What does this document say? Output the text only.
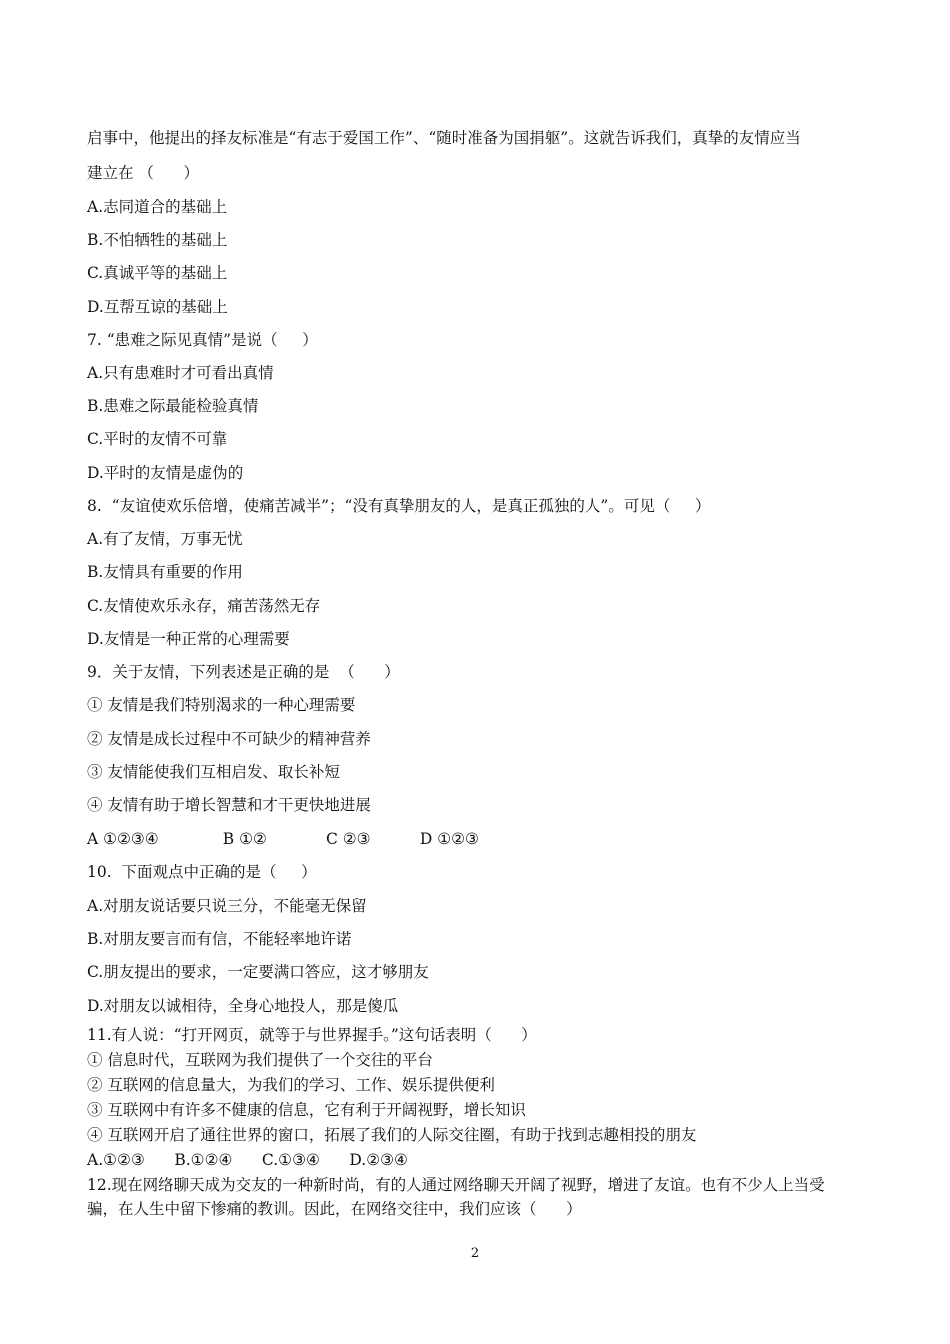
启事中，他提出的择友标准是“有志于爱国工作”、“随时准备为国捐躯”。这就告诉我们，真挚的友情应当
建立在 （      ）
A.志同道合的基础上
B.不怕牺牲的基础上
C.真诚平等的基础上
D.互帮互谅的基础上
7. “患难之际见真情”是说（     ）
A.只有患难时才可看出真情
B.患难之际最能检验真情
C.平时的友情不可靠
D.平时的友情是虚伪的
8.  “友谊使欢乐倍增，使痛苦减半”；“没有真挚朋友的人，是真正孤独的人”。可见（     ）
A.有了友情，万事无忧
B.友情具有重要的作用
C.友情使欢乐永存，痛苦荡然无存
D.友情是一种正常的心理需要
9．关于友情，下列表述是正确的是  （      ）
① 友情是我们特别渴求的一种心理需要
② 友情是成长过程中不可缺少的精神营养
③ 友情能使我们互相启发、取长补短
④ 友情有助于增长智慧和才干更快地进展
A ①②③④             B ①②            C ②③          D ①②③
10.  下面观点中正确的是（     ）
A.对朋友说话要只说三分，不能毫无保留
B.对朋友要言而有信，不能轻率地许诺
C.朋友提出的要求，一定要满口答应，这才够朋友
D.对朋友以诚相待，全身心地投人，那是傻瓜
11.有人说：“打开网页，就等于与世界握手。”这句话表明（      ）
① 信息时代，互联网为我们提供了一个交往的平台
② 互联网的信息量大，为我们的学习、工作、娱乐提供便利
③ 互联网中有许多不健康的信息，它有利于开阔视野，增长知识
④ 互联网开启了通往世界的窗口，拓展了我们的人际交往圈，有助于找到志趣相投的朋友
A.①②③      B.①②④      C.①③④      D.②③④
12.现在网络聊天成为交友的一种新时尚，有的人通过网络聊天开阔了视野，增进了友谊。也有不少人上当受
骗，在人生中留下惨痛的教训。因此，在网络交往中，我们应该（      ）
2
